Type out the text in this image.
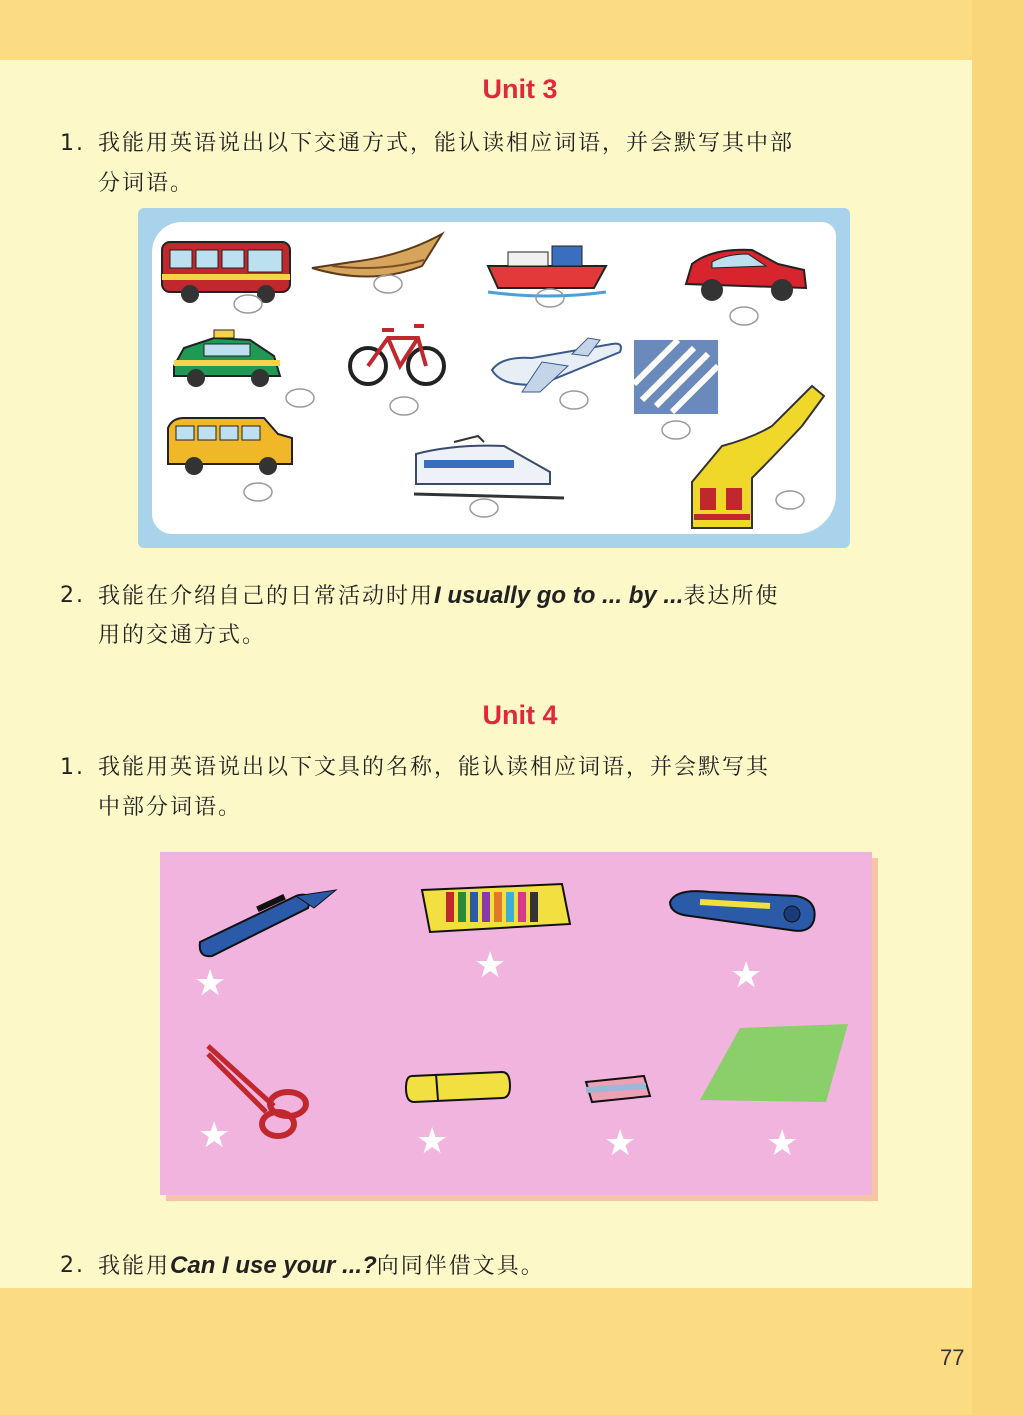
Unit 3
1. 我能用英语说出以下交通方式，能认读相应词语，并会默写其中部
分词语。
2. 我能在介绍自己的日常活动时用I usually go to ... by ...表达所使
用的交通方式。
Unit 4
1. 我能用英语说出以下文具的名称，能认读相应词语，并会默写其
中部分词语。
★	★	★
★	★	★	★
2. 我能用Can I use your ...?向同伴借文具。
77
